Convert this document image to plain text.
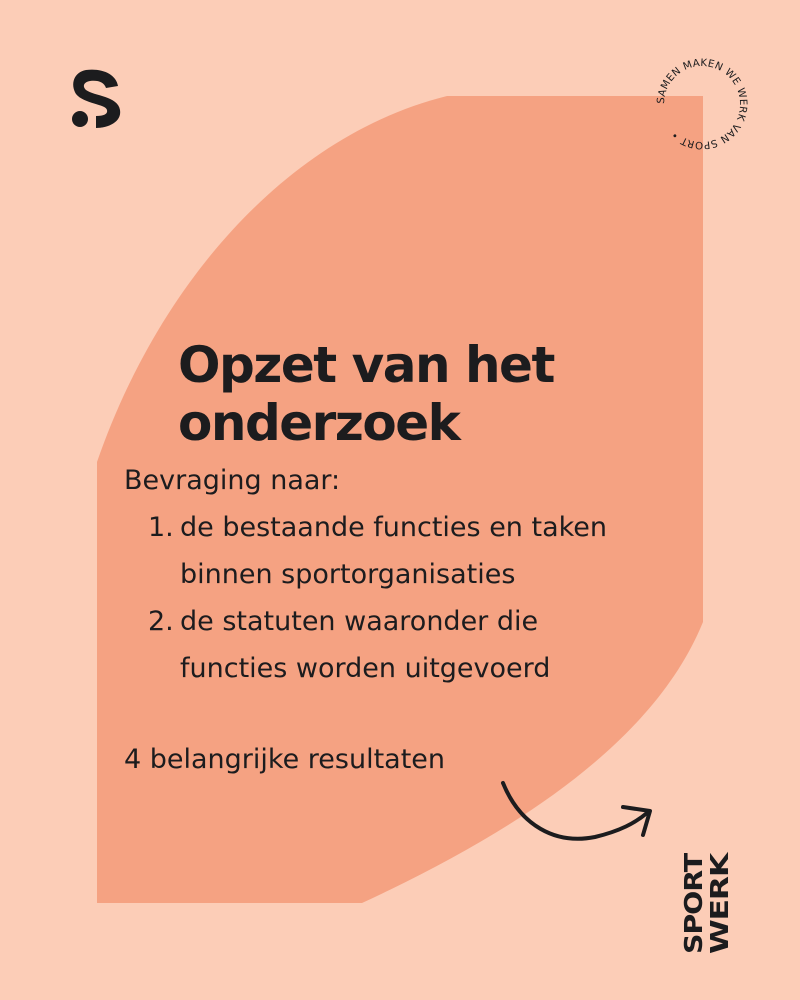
SAMEN MAKEN WE WERK VAN SPORT •
Opzet van het
onderzoek
Bevraging naar:
1. de bestaande functies en taken
binnen sportorganisaties
2. de statuten waaronder die
functies worden uitgevoerd
4 belangrijke resultaten
SPORT
WERK
